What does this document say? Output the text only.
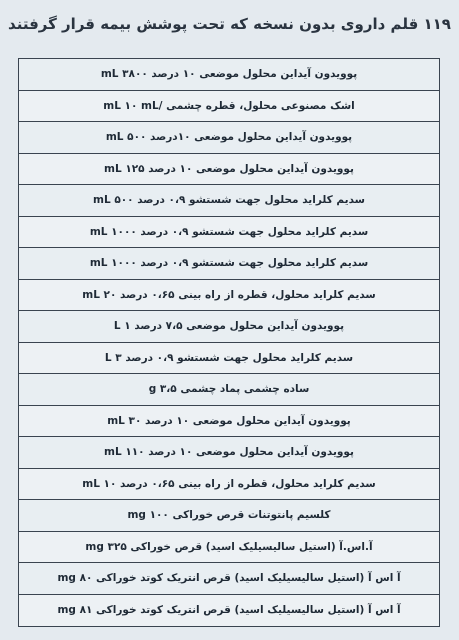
۱۱۹ قلم داروی بدون نسخه که تحت پوشش بیمه قرار گرفتند
پوویدون آیداین محلول موضعی ۱۰ درصد ۳۸۰۰ mL
اشک مصنوعی محلول، قطره چشمی /mL ۱۰ mL
پوویدون آیداین محلول موضعی ۱۰درصد ۵۰۰ mL
پوویدون آیداین محلول موضعی ۱۰ درصد ۱۲۵ mL
سدیم کلراید محلول جهت شستشو ۰،۹ درصد ۵۰۰ mL
سدیم کلراید محلول جهت شستشو ۰،۹ درصد ۱۰۰۰ mL
سدیم کلراید محلول جهت شستشو ۰،۹ درصد ۱۰۰۰ mL
سدیم کلراید محلول، قطره از راه بینی ۰،۶۵ درصد ۲۰ mL
پوویدون آیداین محلول موضعی ۷،۵ درصد ۱ L
سدیم کلراید محلول جهت شستشو ۰،۹ درصد ۳ L
ساده چشمی پماد چشمی ۳،۵ g
پوویدون آیداین محلول موضعی ۱۰ درصد ۳۰ mL
پوویدون آیداین محلول موضعی ۱۰ درصد ۱۱۰ mL
سدیم کلراید محلول، قطره از راه بینی ۰،۶۵ درصد ۱۰ mL
کلسیم پانتوتنات قرص خوراکی ۱۰۰ mg
آ.اس.آ (استیل سالیسیلیک اسید) قرص خوراکی ۳۲۵ mg
آ اس آ (استیل سالیسیلیک اسید) قرص انتریک کوتد خوراکی ۸۰ mg
آ اس آ (استیل سالیسیلیک اسید) قرص انتریک کوتد خوراکی ۸۱ mg
